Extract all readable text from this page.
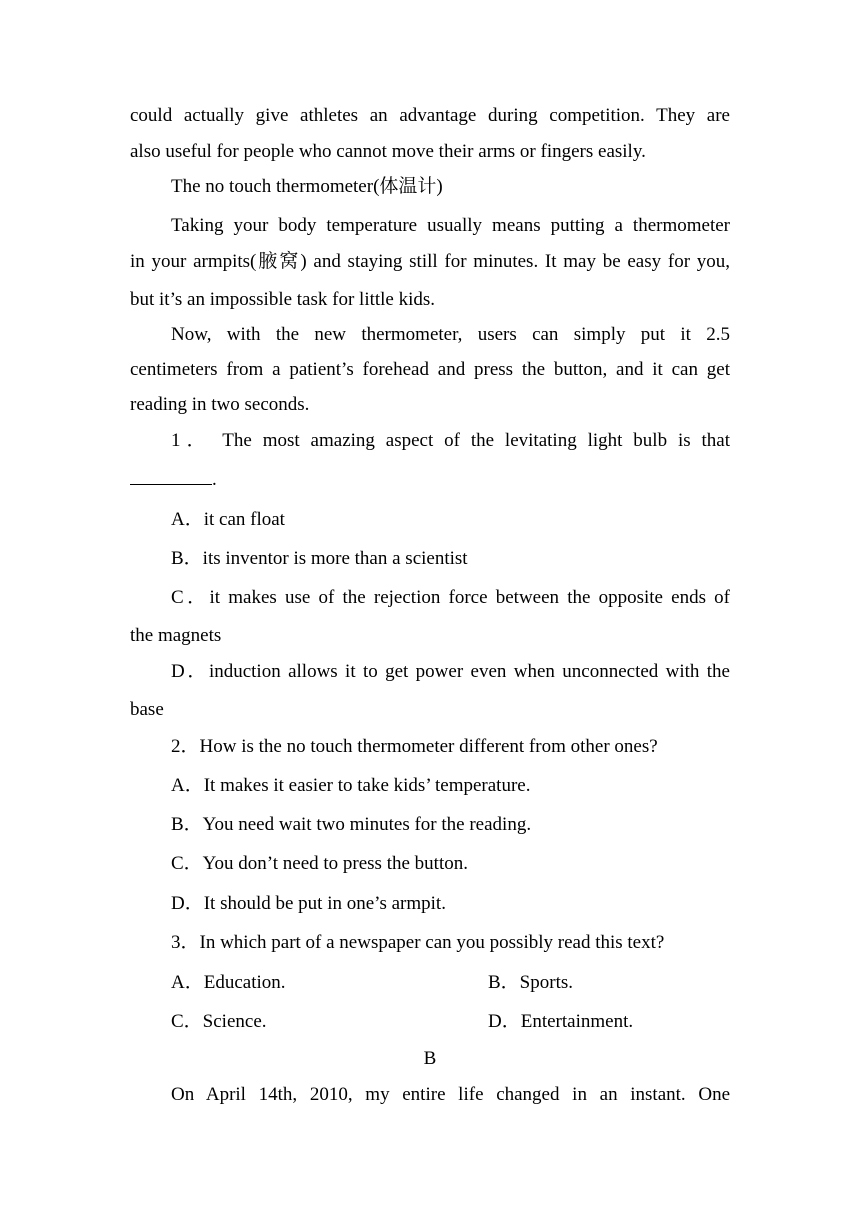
could actually give athletes an advantage during competition. They are
also useful for people who cannot move their arms or fingers easily.
The no touch thermometer(体温计)
Taking your body temperature usually means putting a thermometer
in your armpits(腋窝) and staying still for minutes. It may be easy for you,
but it’s an impossible task for little kids.
Now, with the new thermometer, users can simply put it 2.5
centimeters from a patient’s forehead and press the button, and it can get
reading in two seconds.
1． The most amazing aspect of the levitating light bulb is that
.
A．it can float
B．its inventor is more than a scientist
C．it makes use of the rejection force between the opposite ends of
the magnets
D．induction allows it to get power even when unconnected with the
base
2．How is the no touch thermometer different from other ones?
A．It makes it easier to take kids’ temperature.
B．You need wait two minutes for the reading.
C．You don’t need to press the button.
D．It should be put in one’s armpit.
3．In which part of a newspaper can you possibly read this text?
A．Education.	B．Sports.
C．Science.	D．Entertainment.
B
On April 14th, 2010, my entire life changed in an instant. One
